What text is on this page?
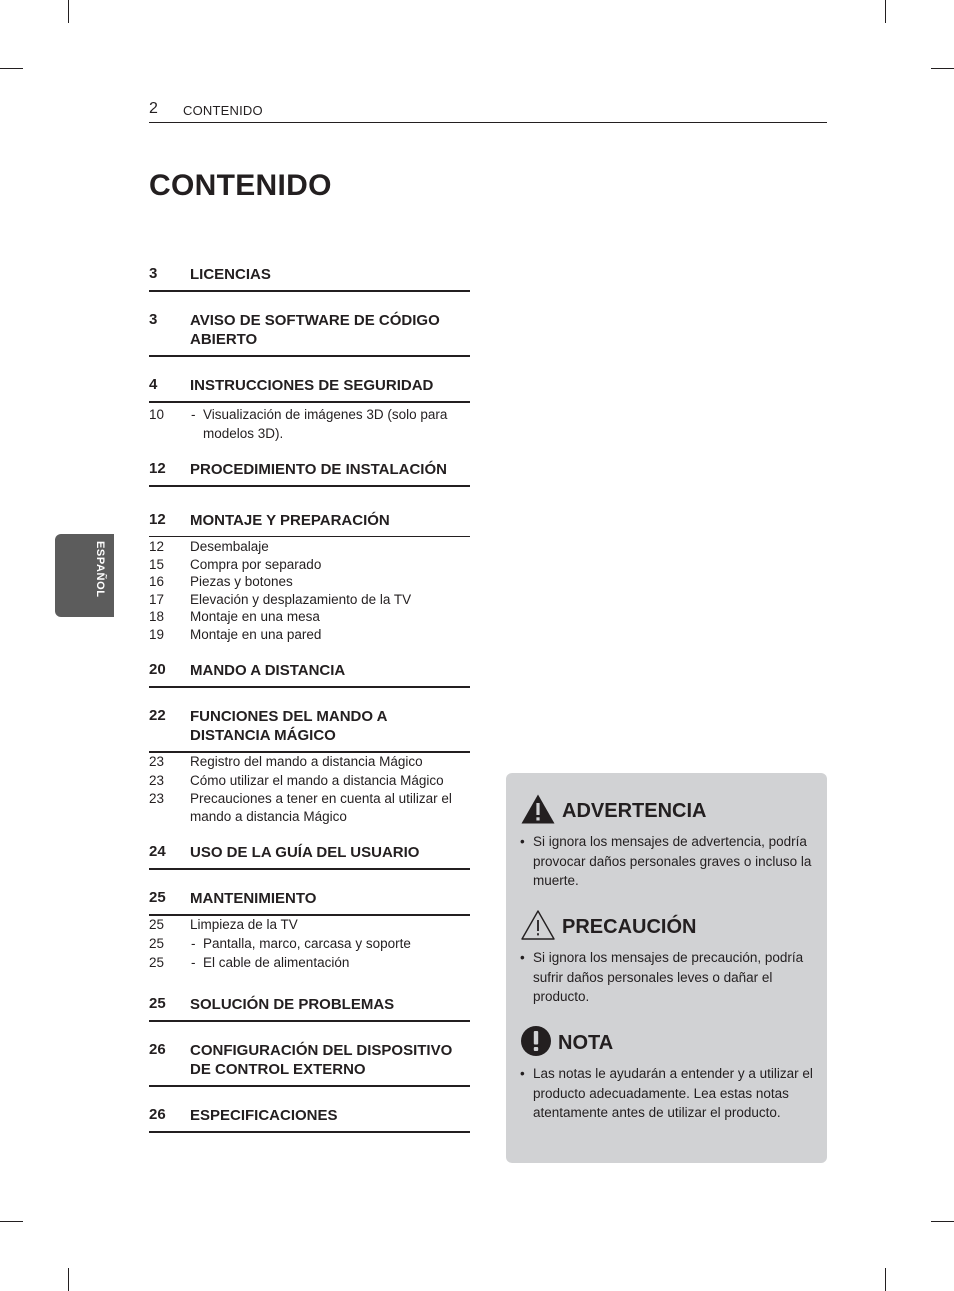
2 CONTENIDO
CONTENIDO
ESPAÑOL
3 LICENCIAS
3 AVISO DE SOFTWARE DE CÓDIGO ABIERTO
4 INSTRUCCIONES DE SEGURIDAD
10	- Visualización de imágenes 3D (solo para modelos 3D).
12 PROCEDIMIENTO DE INSTALACIÓN
12 MONTAJE Y PREPARACIÓN
12 Desembalaje
15 Compra por separado
16 Piezas y botones
17 Elevación y desplazamiento de la TV
18 Montaje en una mesa
19 Montaje en una pared
20 MANDO A DISTANCIA
22 FUNCIONES DEL MANDO A DISTANCIA MÁGICO
23 Registro del mando a distancia Mágico
23 Cómo utilizar el mando a distancia Mágico
23 Precauciones a tener en cuenta al utilizar el mando a distancia Mágico
24 USO DE LA GUÍA DEL USUARIO
25 MANTENIMIENTO
25 Limpieza de la TV
25	- Pantalla, marco, carcasa y soporte
25	- El cable de alimentación
25 SOLUCIÓN DE PROBLEMAS
26 CONFIGURACIÓN DEL DISPOSITIVO DE CONTROL EXTERNO
26 ESPECIFICACIONES
ADVERTENCIA
• Si ignora los mensajes de advertencia, podría provocar daños personales graves o incluso la muerte.
PRECAUCIÓN
• Si ignora los mensajes de precaución, podría sufrir daños personales leves o dañar el producto.
NOTA
• Las notas le ayudarán a entender y a utilizar el producto adecuadamente. Lea estas notas atentamente antes de utilizar el producto.
